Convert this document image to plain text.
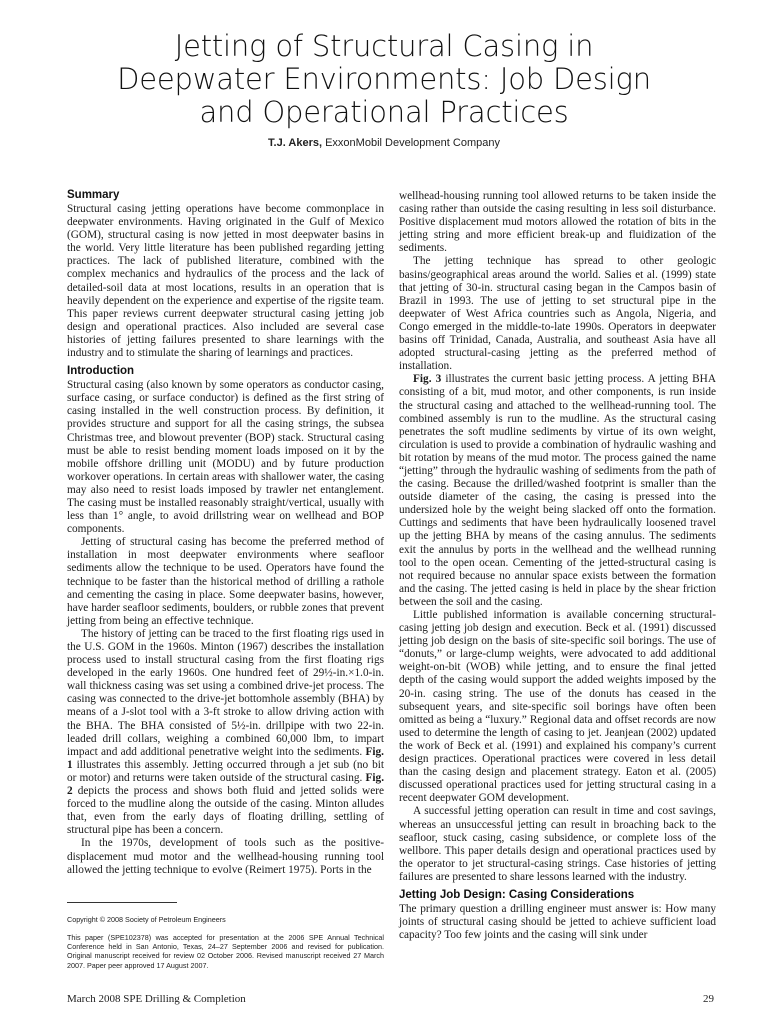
Jetting of Structural Casing in
Deepwater Environments: Job Design
and Operational Practices
T.J. Akers, ExxonMobil Development Company
Summary

Structural casing jetting operations have become commonplace in deepwater environments. Having originated in the Gulf of Mexico (GOM), structural casing is now jetted in most deepwater basins in the world. Very little literature has been published regarding jetting practices. The lack of published literature, combined with the complex mechanics and hydraulics of the process and the lack of detailed-soil data at most locations, results in an operation that is heavily dependent on the experience and expertise of the rigsite team. This paper reviews current deepwater structural casing jetting job design and operational practices. Also included are several case histories of jetting failures presented to share learnings with the industry and to stimulate the sharing of learnings and practices.

Introduction

Structural casing (also known by some operators as conductor casing, surface casing, or surface conductor) is defined as the first string of casing installed in the well construction process. By definition, it provides structure and support for all the casing strings, the subsea Christmas tree, and blowout preventer (BOP) stack. Structural casing must be able to resist bending moment loads imposed on it by the mobile offshore drilling unit (MODU) and by future production workover operations. In certain areas with shallower water, the casing may also need to resist loads imposed by trawler net entanglement. The casing must be installed reasonably straight/vertical, usually with less than 1° angle, to avoid drillstring wear on wellhead and BOP components.

Jetting of structural casing has become the preferred method of installation in most deepwater environments where seafloor sediments allow the technique to be used. Operators have found the technique to be faster than the historical method of drilling a rathole and cementing the casing in place. Some deepwater basins, however, have harder seafloor sediments, boulders, or rubble zones that prevent jetting from being an effective technique.

The history of jetting can be traced to the first floating rigs used in the U.S. GOM in the 1960s. Minton (1967) describes the installation process used to install structural casing from the first floating rigs developed in the early 1960s. One hundred feet of 29½-in.×1.0-in. wall thickness casing was set using a combined drive-jet process. The casing was connected to the drive-jet bottomhole assembly (BHA) by means of a J-slot tool with a 3-ft stroke to allow driving action with the BHA. The BHA consisted of 5½-in. drillpipe with two 22-in. leaded drill collars, weighing a combined 60,000 lbm, to impart impact and add additional penetrative weight into the sediments. Fig. 1 illustrates this assembly. Jetting occurred through a jet sub (no bit or motor) and returns were taken outside of the structural casing. Fig. 2 depicts the process and shows both fluid and jetted solids were forced to the mudline along the outside of the casing. Minton alludes that, even from the early days of floating drilling, settling of structural pipe has been a concern.

In the 1970s, development of tools such as the positive-displacement mud motor and the wellhead-housing running tool allowed the jetting technique to evolve (Reimert 1975). Ports in the

Copyright © 2008 Society of Petroleum Engineers
This paper (SPE102378) was accepted for presentation at the 2006 SPE Annual Technical Conference held in San Antonio, Texas, 24–27 September 2006 and revised for publication. Original manuscript received for review 02 October 2006. Revised manuscript received 27 March 2007. Paper peer approved 17 August 2007.

wellhead-housing running tool allowed returns to be taken inside the casing rather than outside the casing resulting in less soil disturbance. Positive displacement mud motors allowed the rotation of bits in the jetting string and more efficient break-up and fluidization of the sediments.

The jetting technique has spread to other geologic basins/geographical areas around the world. Salies et al. (1999) state that jetting of 30-in. structural casing began in the Campos basin of Brazil in 1993. The use of jetting to set structural pipe in the deepwater of West Africa countries such as Angola, Nigeria, and Congo emerged in the middle-to-late 1990s. Operators in deepwater basins off Trinidad, Canada, Australia, and southeast Asia have all adopted structural-casing jetting as the preferred method of installation.

Fig. 3 illustrates the current basic jetting process. A jetting BHA consisting of a bit, mud motor, and other components, is run inside the structural casing and attached to the wellhead-running tool. The combined assembly is run to the mudline. As the structural casing penetrates the soft mudline sediments by virtue of its own weight, circulation is used to provide a combination of hydraulic washing and bit rotation by means of the mud motor. The process gained the name “jetting” through the hydraulic washing of sediments from the path of the casing. Because the drilled/washed footprint is smaller than the outside diameter of the casing, the casing is pressed into the undersized hole by the weight being slacked off onto the formation. Cuttings and sediments that have been hydraulically loosened travel up the jetting BHA by means of the casing annulus. The sediments exit the annulus by ports in the wellhead and the wellhead running tool to the open ocean. Cementing of the jetted-structural casing is not required because no annular space exists between the formation and the casing. The jetted casing is held in place by the shear friction between the soil and the casing.

Little published information is available concerning structural-casing jetting job design and execution. Beck et al. (1991) discussed jetting job design on the basis of site-specific soil borings. The use of “donuts,” or large-clump weights, were advocated to add additional weight-on-bit (WOB) while jetting, and to ensure the final jetted depth of the casing would support the added weights imposed by the 20-in. casing string. The use of the donuts has ceased in the subsequent years, and site-specific soil borings have often been omitted as being a “luxury.” Regional data and offset records are now used to determine the length of casing to jet. Jeanjean (2002) updated the work of Beck et al. (1991) and explained his company’s current design practices. Operational practices were covered in less detail than the casing design and placement strategy. Eaton et al. (2005) discussed operational practices used for jetting structural casing in a recent deepwater GOM development.

A successful jetting operation can result in time and cost savings, whereas an unsuccessful jetting can result in broaching back to the seafloor, stuck casing, casing subsidence, or complete loss of the wellbore. This paper details design and operational practices used by the operator to jet structural-casing strings. Case histories of jetting failures are presented to share lessons learned with the industry.

Jetting Job Design: Casing Considerations

The primary question a drilling engineer must answer is: How many joints of structural casing should be jetted to achieve sufficient load capacity? Too few joints and the casing will sink under

March 2008 SPE Drilling & Completion	29
